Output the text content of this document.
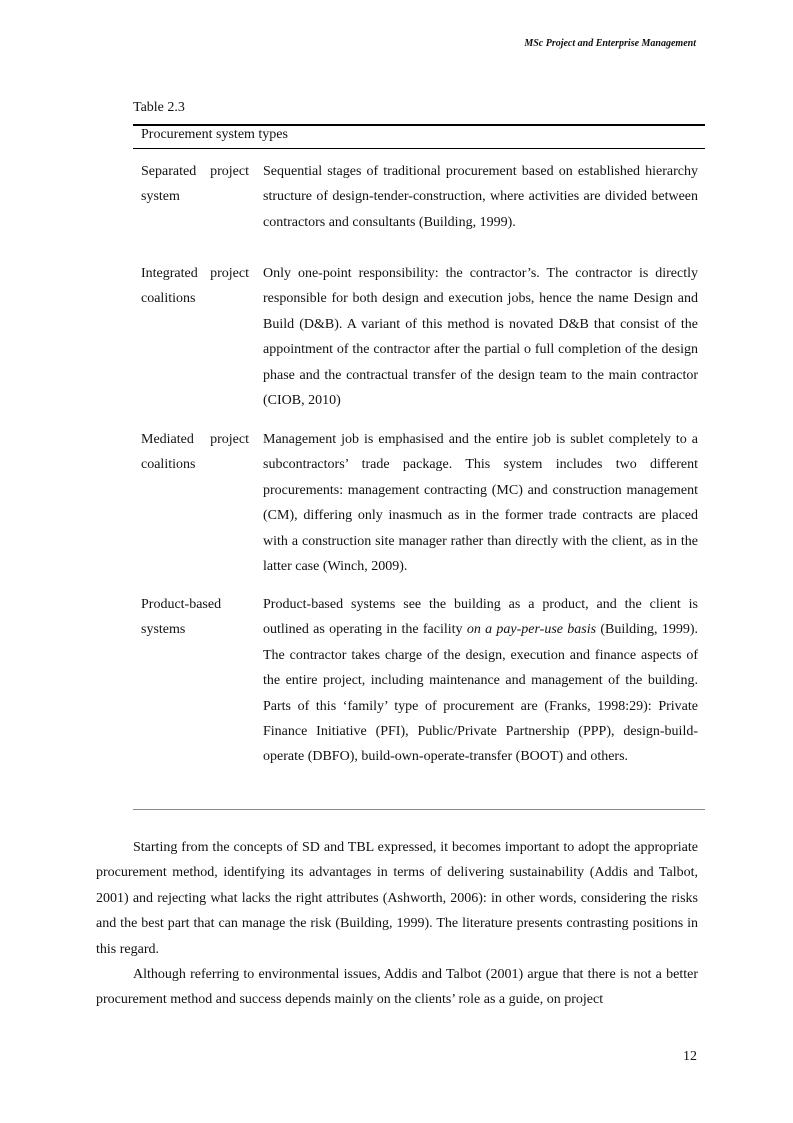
MSc Project and Enterprise Management
Table 2.3
Procurement system types
Separated project system
Sequential stages of traditional procurement based on established hierarchy structure of design-tender-construction, where activities are divided between contractors and consultants (Building, 1999).
Integrated project coalitions
Only one-point responsibility: the contractor’s. The contractor is directly responsible for both design and execution jobs, hence the name Design and Build (D&B). A variant of this method is novated D&B that consist of the appointment of the contractor after the partial o full completion of the design phase and the contractual transfer of the design team to the main contractor (CIOB, 2010)
Mediated project coalitions
Management job is emphasised and the entire job is sublet completely to a subcontractors’ trade package. This system includes two different procurements: management contracting (MC) and construction management (CM), differing only inasmuch as in the former trade contracts are placed with a construction site manager rather than directly with the client, as in the latter case (Winch, 2009).
Product-based systems
Product-based systems see the building as a product, and the client is outlined as operating in the facility on a pay-per-use basis (Building, 1999). The contractor takes charge of the design, execution and finance aspects of the entire project, including maintenance and management of the building. Parts of this ‘family’ type of procurement are (Franks, 1998:29): Private Finance Initiative (PFI), Public/Private Partnership (PPP), design-build-operate (DBFO), build-own-operate-transfer (BOOT) and others.

Starting from the concepts of SD and TBL expressed, it becomes important to adopt the appropriate procurement method, identifying its advantages in terms of delivering sustainability (Addis and Talbot, 2001) and rejecting what lacks the right attributes (Ashworth, 2006): in other words, considering the risks and the best part that can manage the risk (Building, 1999). The literature presents contrasting positions in this regard.

Although referring to environmental issues, Addis and Talbot (2001) argue that there is not a better procurement method and success depends mainly on the clients’ role as a guide, on project

12
